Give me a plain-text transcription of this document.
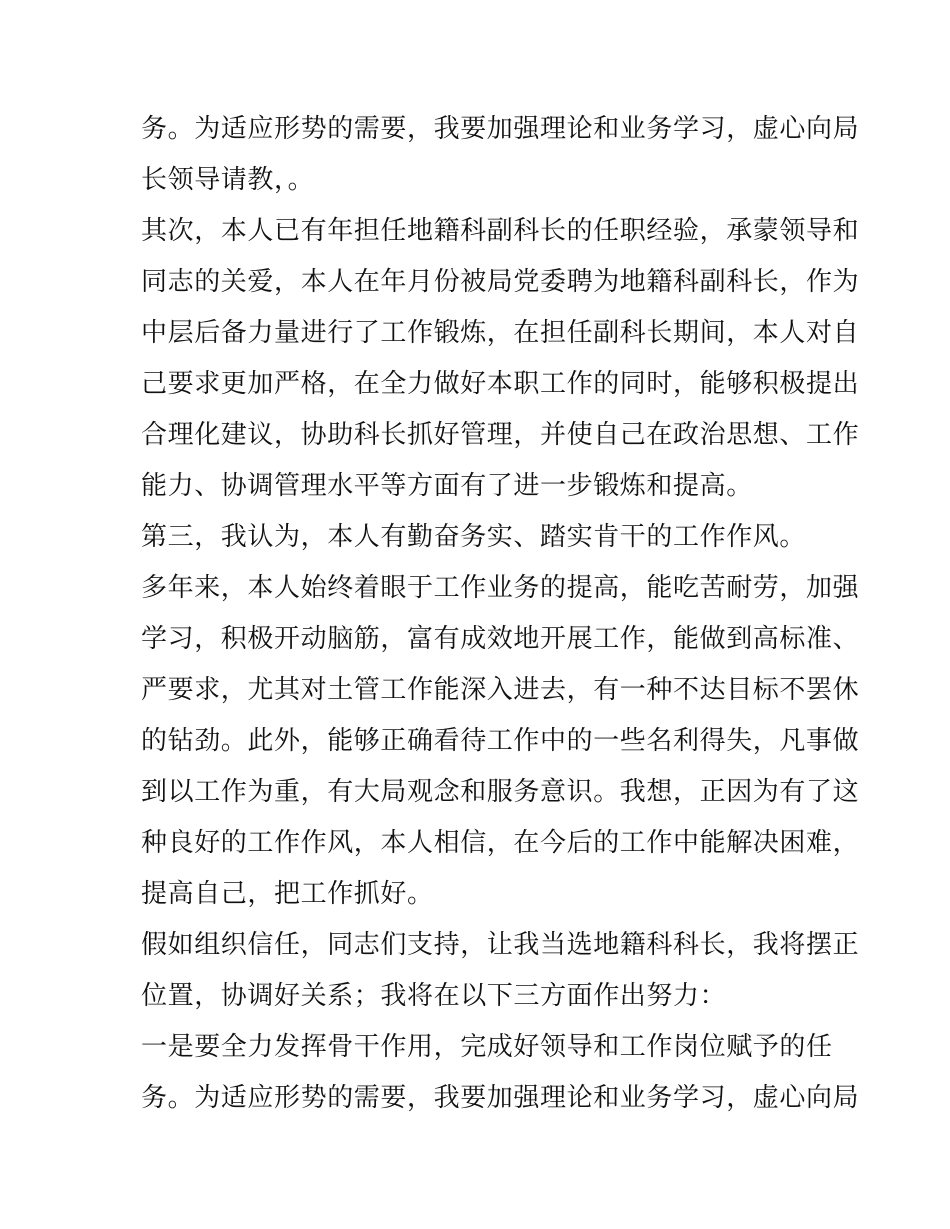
务。为适应形势的需要，我要加强理论和业务学习，虚心向局
长领导请教，。
其次，本人已有年担任地籍科副科长的任职经验，承蒙领导和
同志的关爱，本人在年月份被局党委聘为地籍科副科长，作为
中层后备力量进行了工作锻炼，在担任副科长期间，本人对自
己要求更加严格，在全力做好本职工作的同时，能够积极提出
合理化建议，协助科长抓好管理，并使自己在政治思想、工作
能力、协调管理水平等方面有了进一步锻炼和提高。
第三，我认为，本人有勤奋务实、踏实肯干的工作作风。
多年来，本人始终着眼于工作业务的提高，能吃苦耐劳，加强
学习，积极开动脑筋，富有成效地开展工作，能做到高标准、
严要求，尤其对土管工作能深入进去，有一种不达目标不罢休
的钻劲。此外，能够正确看待工作中的一些名利得失，凡事做
到以工作为重，有大局观念和服务意识。我想，正因为有了这
种良好的工作作风，本人相信，在今后的工作中能解决困难，
提高自己，把工作抓好。
假如组织信任，同志们支持，让我当选地籍科科长，我将摆正
位置，协调好关系；我将在以下三方面作出努力：
一是要全力发挥骨干作用，完成好领导和工作岗位赋予的任
务。为适应形势的需要，我要加强理论和业务学习，虚心向局
